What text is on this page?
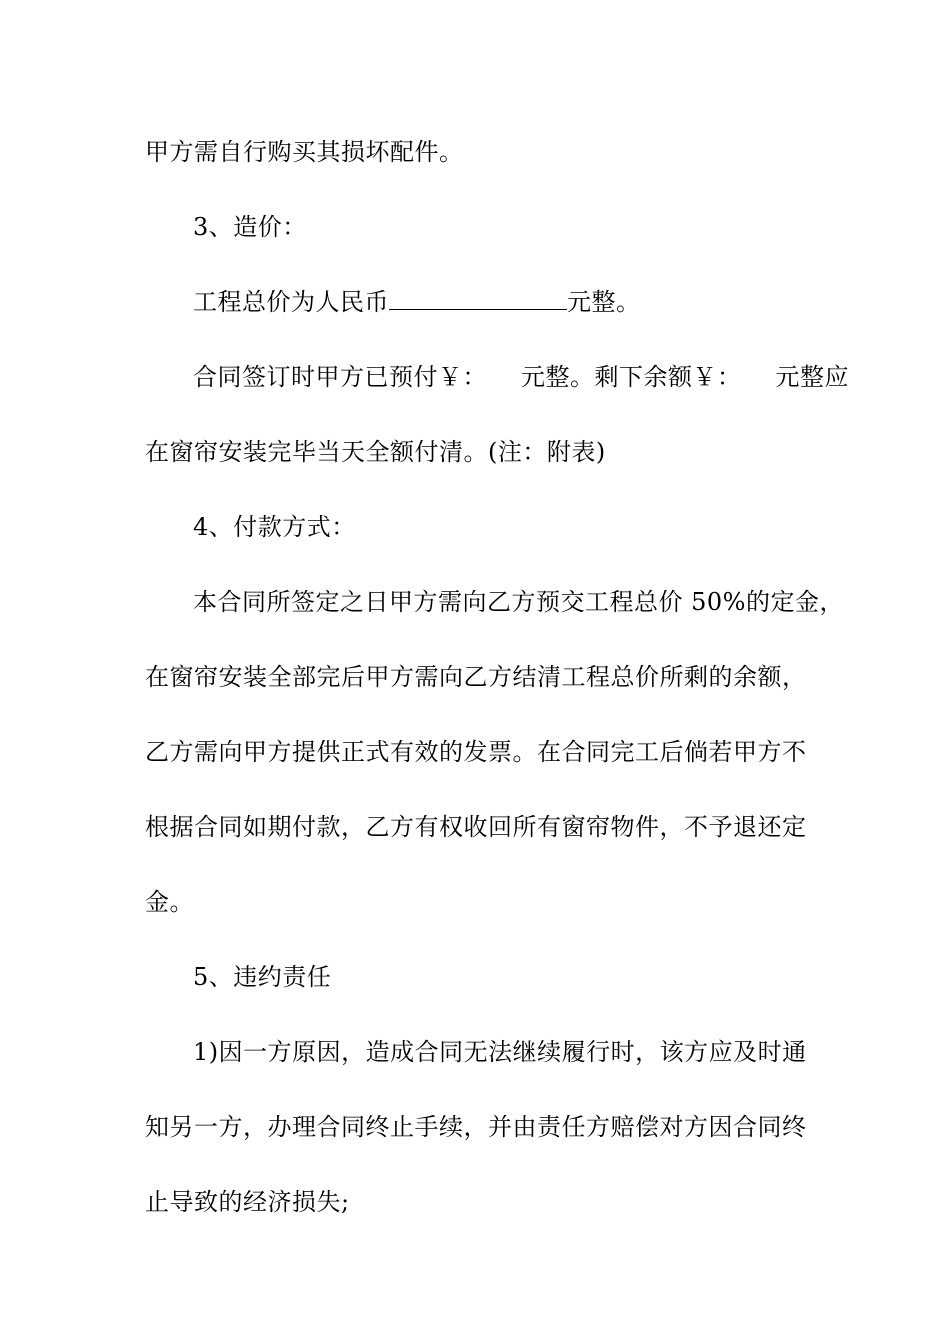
甲方需自行购买其损坏配件。
3、造价：
工程总价为人民币	元整。
合同签订时甲方已预付￥： 元整。剩下余额￥： 元整应
在窗帘安装完毕当天全额付清。(注：附表)
4、付款方式：
本合同所签定之日甲方需向乙方预交工程总价 50%的定金，
在窗帘安装全部完后甲方需向乙方结清工程总价所剩的余额，
乙方需向甲方提供正式有效的发票。在合同完工后倘若甲方不
根据合同如期付款，乙方有权收回所有窗帘物件，不予退还定
金。
5、违约责任
1)因一方原因，造成合同无法继续履行时，该方应及时通
知另一方，办理合同终止手续，并由责任方赔偿对方因合同终
止导致的经济损失;
